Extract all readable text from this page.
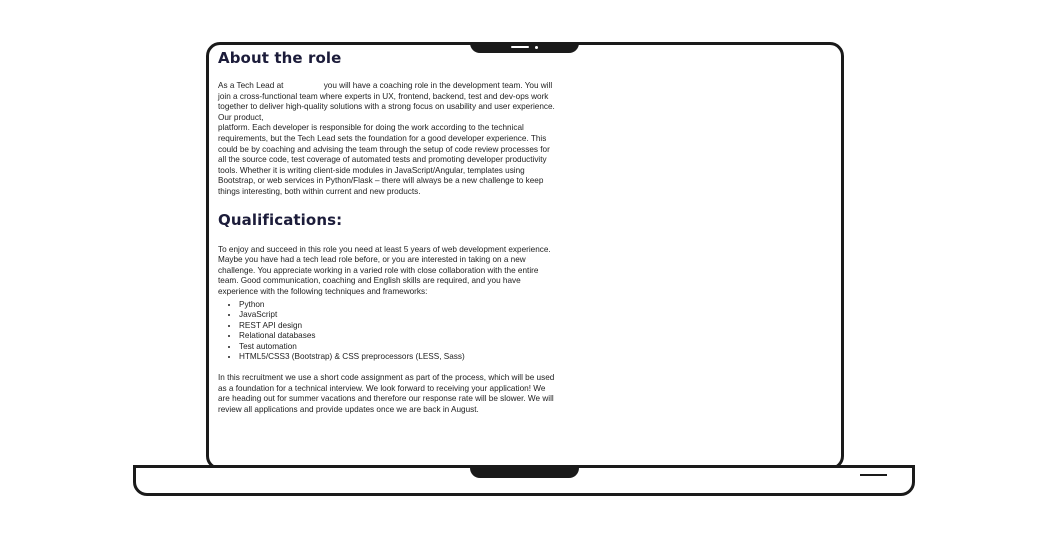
About the role

As a Tech Lead at	you will have a coaching role in the development team. You will join a cross-functional team where experts in UX, frontend, backend, test and dev-ops work together to deliver high-quality solutions with a strong focus on usability and user experience. Our product,
platform. Each developer is responsible for doing the work according to the technical requirements, but the Tech Lead sets the foundation for a good developer experience. This could be by coaching and advising the team through the setup of code review processes for all the source code, test coverage of automated tests and promoting developer productivity tools. Whether it is writing client-side modules in JavaScript/Angular, templates using Bootstrap, or web services in Python/Flask – there will always be a new challenge to keep things interesting, both within current and new products.

Qualifications:

To enjoy and succeed in this role you need at least 5 years of web development experience. Maybe you have had a tech lead role before, or you are interested in taking on a new challenge. You appreciate working in a varied role with close collaboration with the entire team. Good communication, coaching and English skills are required, and you have experience with the following techniques and frameworks:

• Python
• JavaScript
• REST API design
• Relational databases
• Test automation
• HTML5/CSS3 (Bootstrap) & CSS preprocessors (LESS, Sass)

In this recruitment we use a short code assignment as part of the process, which will be used as a foundation for a technical interview. We look forward to receiving your application! We are heading out for summer vacations and therefore our response rate will be slower. We will review all applications and provide updates once we are back in August.
